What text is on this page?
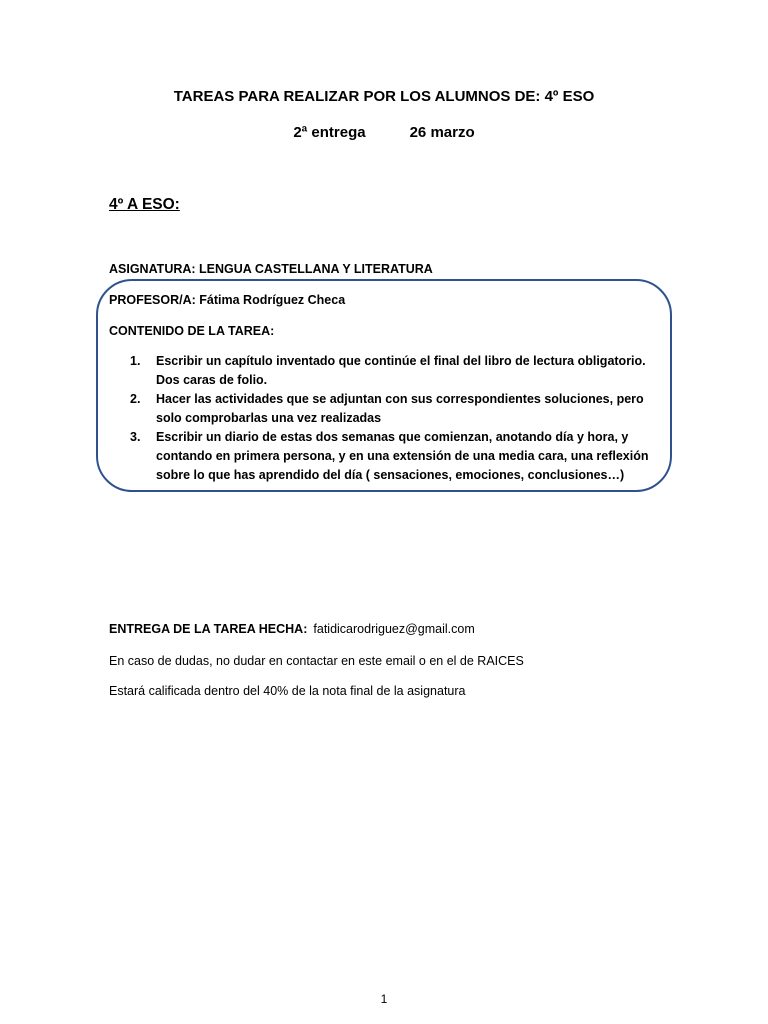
TAREAS PARA REALIZAR POR LOS ALUMNOS DE: 4º ESO
2ª entrega	26 marzo
4º A ESO:
ASIGNATURA: LENGUA CASTELLANA Y LITERATURA
PROFESOR/A: Fátima Rodríguez Checa
CONTENIDO DE LA TAREA:
1. Escribir un capítulo inventado que continúe el final del libro de lectura obligatorio. Dos caras de folio.
2. Hacer las actividades que se adjuntan con sus correspondientes soluciones, pero solo comprobarlas una vez realizadas
3. Escribir un diario de estas dos semanas que comienzan, anotando día y hora, y contando en primera persona, y en una extensión de una media cara, una reflexión sobre lo que has aprendido del día ( sensaciones, emociones, conclusiones…)
ENTREGA DE LA TAREA HECHA: fatidicarodriguez@gmail.com
En caso de dudas, no dudar en contactar en este email o en el de RAICES
Estará calificada dentro del 40% de la nota final de la asignatura
1
